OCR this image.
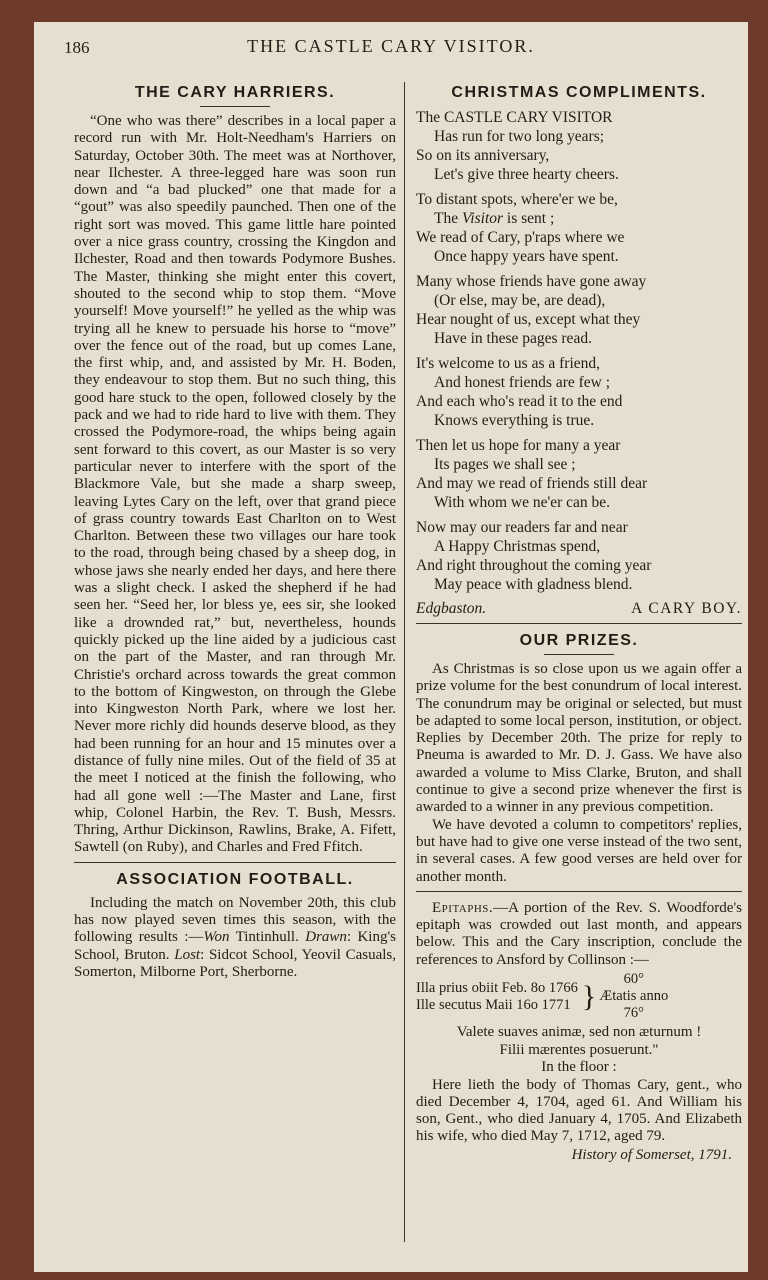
186	THE CASTLE CARY VISITOR.
THE CARY HARRIERS.

“One who was there” describes in a local paper a record run with Mr. Holt-Needham's Harriers on Saturday, October 30th. The meet was at Northover, near Ilchester. A three-legged hare was soon run down and “a bad plucked” one that made for a “gout” was also speedily paunched. Then one of the right sort was moved. This game little hare pointed over a nice grass country, crossing the Kingdon and Ilchester, Road and then towards Podymore Bushes. The Master, thinking she might enter this covert, shouted to the second whip to stop them. “Move yourself! Move yourself!” he yelled as the whip was trying all he knew to persuade his horse to “move” over the fence out of the road, but up comes Lane, the first whip, and, and assisted by Mr. H. Boden, they endeavour to stop them. But no such thing, this good hare stuck to the open, followed closely by the pack and we had to ride hard to live with them. They crossed the Podymore-road, the whips being again sent forward to this covert, as our Master is so very particular never to interfere with the sport of the Blackmore Vale, but she made a sharp sweep, leaving Lytes Cary on the left, over that grand piece of grass country towards East Charlton on to West Charlton. Between these two villages our hare took to the road, through being chased by a sheep dog, in whose jaws she nearly ended her days, and here there was a slight check. I asked the shepherd if he had seen her. “Seed her, lor bless ye, ees sir, she looked like a drownded rat,” but, nevertheless, hounds quickly picked up the line aided by a judicious cast on the part of the Master, and ran through Mr. Christie's orchard across towards the great common to the bottom of Kingweston, on through the Glebe into Kingweston North Park, where we lost her. Never more richly did hounds deserve blood, as they had been running for an hour and 15 minutes over a distance of fully nine miles. Out of the field of 35 at the meet I noticed at the finish the following, who had all gone well :—The Master and Lane, first whip, Colonel Harbin, the Rev. T. Bush, Messrs. Thring, Arthur Dickinson, Rawlins, Brake, A. Fifett, Sawtell (on Ruby), and Charles and Fred Ffitch.

ASSOCIATION FOOTBALL.

Including the match on November 20th, this club has now played seven times this season, with the following results :—Won Tintinhull. Drawn: King's School, Bruton. Lost: Sidcot School, Yeovil Casuals, Somerton, Milborne Port, Sherborne.

CHRISTMAS COMPLIMENTS.
The CASTLE CARY VISITOR
Has run for two long years;
So on its anniversary,
Let's give three hearty cheers.
To distant spots, where'er we be,
The Visitor is sent ;
We read of Cary, p'raps where we
Once happy years have spent.
Many whose friends have gone away
(Or else, may be, are dead),
Hear nought of us, except what they
Have in these pages read.
It's welcome to us as a friend,
And honest friends are few ;
And each who's read it to the end
Knows everything is true.
Then let us hope for many a year
Its pages we shall see ;
And may we read of friends still dear
With whom we ne'er can be.
Now may our readers far and near
A Happy Christmas spend,
And right throughout the coming year
May peace with gladness blend.
Edgbaston.	A CARY BOY.
OUR PRIZES.

As Christmas is so close upon us we again offer a prize volume for the best conundrum of local interest. The conundrum may be original or selected, but must be adapted to some local person, institution, or object. Replies by December 20th. The prize for reply to Pneuma is awarded to Mr. D. J. Gass. We have also awarded a volume to Miss Clarke, Bruton, and shall continue to give a second prize whenever the first is awarded to a winner in any previous competition.

We have devoted a column to competitors' replies, but have had to give one verse instead of the two sent, in several cases. A few good verses are held over for another month.

Epitaphs.—A portion of the Rev. S. Woodforde's epitaph was crowded out last month, and appears below. This and the Cary inscription, conclude the references to Ansford by Collinson :—

Illa prius obiit Feb. 8o 1766
Ille secutus Maii 16o 1771 }
60°
Ætatis anno
76°
Valete suaves animæ, sed non æturnum !
Filii mærentes posuerunt."
In the floor :

Here lieth the body of Thomas Cary, gent., who died December 4, 1704, aged 61. And William his son, Gent., who died January 4, 1705. And Elizabeth his wife, who died May 7, 1712, aged 79.

History of Somerset, 1791.
